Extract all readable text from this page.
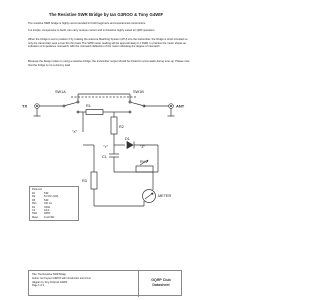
The Resistive SWR Bridge by Ian G3ROO & Tony G4WIF

The resistive SWR bridge is highly recommended for both beginners and experienced constructors.

It is simple, inexpensive to build, can carry serious current and is therefore highly suited for QRP operation.

When the bridge is set to position 2 by rotating the antenna Matching System (ATU) into the transmitter, the bridge is short-circuited so only the transmitter sees a true 50 ohm load. The SWR meter reading will be approximately 0.1 SWR. In practice the meter shows an indication of impedance mismatch; with the mismatch deflection of the meter indicating the degree of mismatch.

Because the design relies on using a resistive bridge, the transmitter output should be limited to a few watts during tune-up. Please note that the bridge is not a dummy load.

TX	ANT
SW1A	SW1B
R1
R2
R3
RV1
C1
D1
"X"
"Y"	"Z"
METER
Parts List
R1	51R
R2	51 Ohm (2W)
R3	51R
RV1	10K Lin
D1	OA91
C1	10nF
SW1	DPDT
Meter	1mA FSD
Title: The Resistive SWR Bridge
Author: Ian Keyser G3ROO with introduction and circuit
diagram by Tony Fishpool G4WIF
Page 1 of 1
GQRP Club
Datasheet
